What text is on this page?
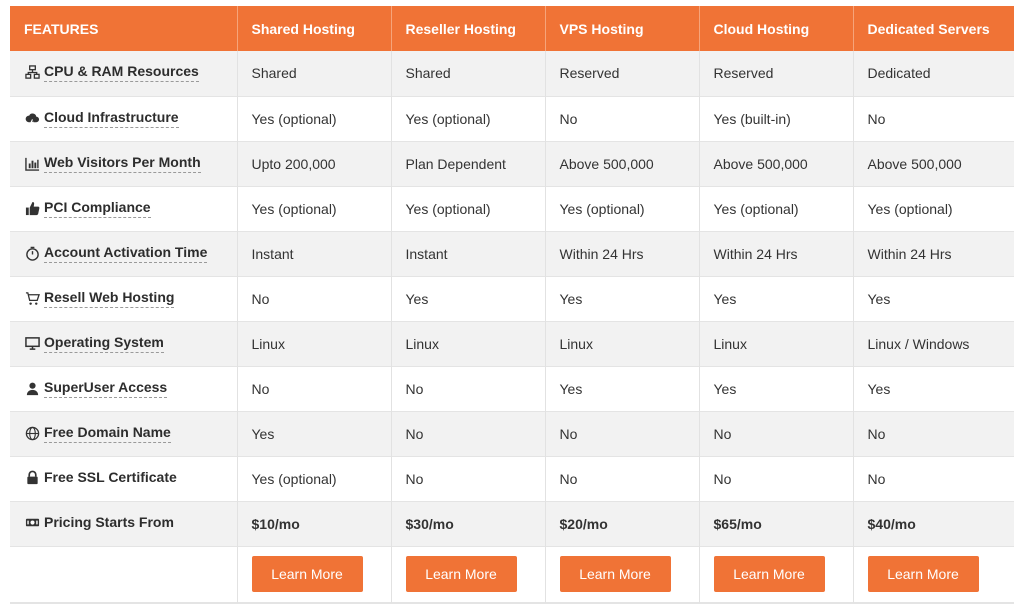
FEATURES	Shared Hosting	Reseller Hosting	VPS Hosting	Cloud Hosting	Dedicated Servers

CPU & RAM Resources	Shared	Shared	Reserved	Reserved	Dedicated

Cloud Infrastructure	Yes (optional)	Yes (optional)	No	Yes (built-in)	No

Web Visitors Per Month	Upto 200,000	Plan Dependent	Above 500,000	Above 500,000	Above 500,000

PCI Compliance	Yes (optional)	Yes (optional)	Yes (optional)	Yes (optional)	Yes (optional)

Account Activation Time	Instant	Instant	Within 24 Hrs	Within 24 Hrs	Within 24 Hrs

Resell Web Hosting	No	Yes	Yes	Yes	Yes

Operating System	Linux	Linux	Linux	Linux	Linux / Windows

SuperUser Access	No	No	Yes	Yes	Yes

Free Domain Name	Yes	No	No	No	No

Free SSL Certificate	Yes (optional)	No	No	No	No

Pricing Starts From	$10/mo	$30/mo	$20/mo	$65/mo	$40/mo
	Learn More	Learn More	Learn More	Learn More	Learn More
